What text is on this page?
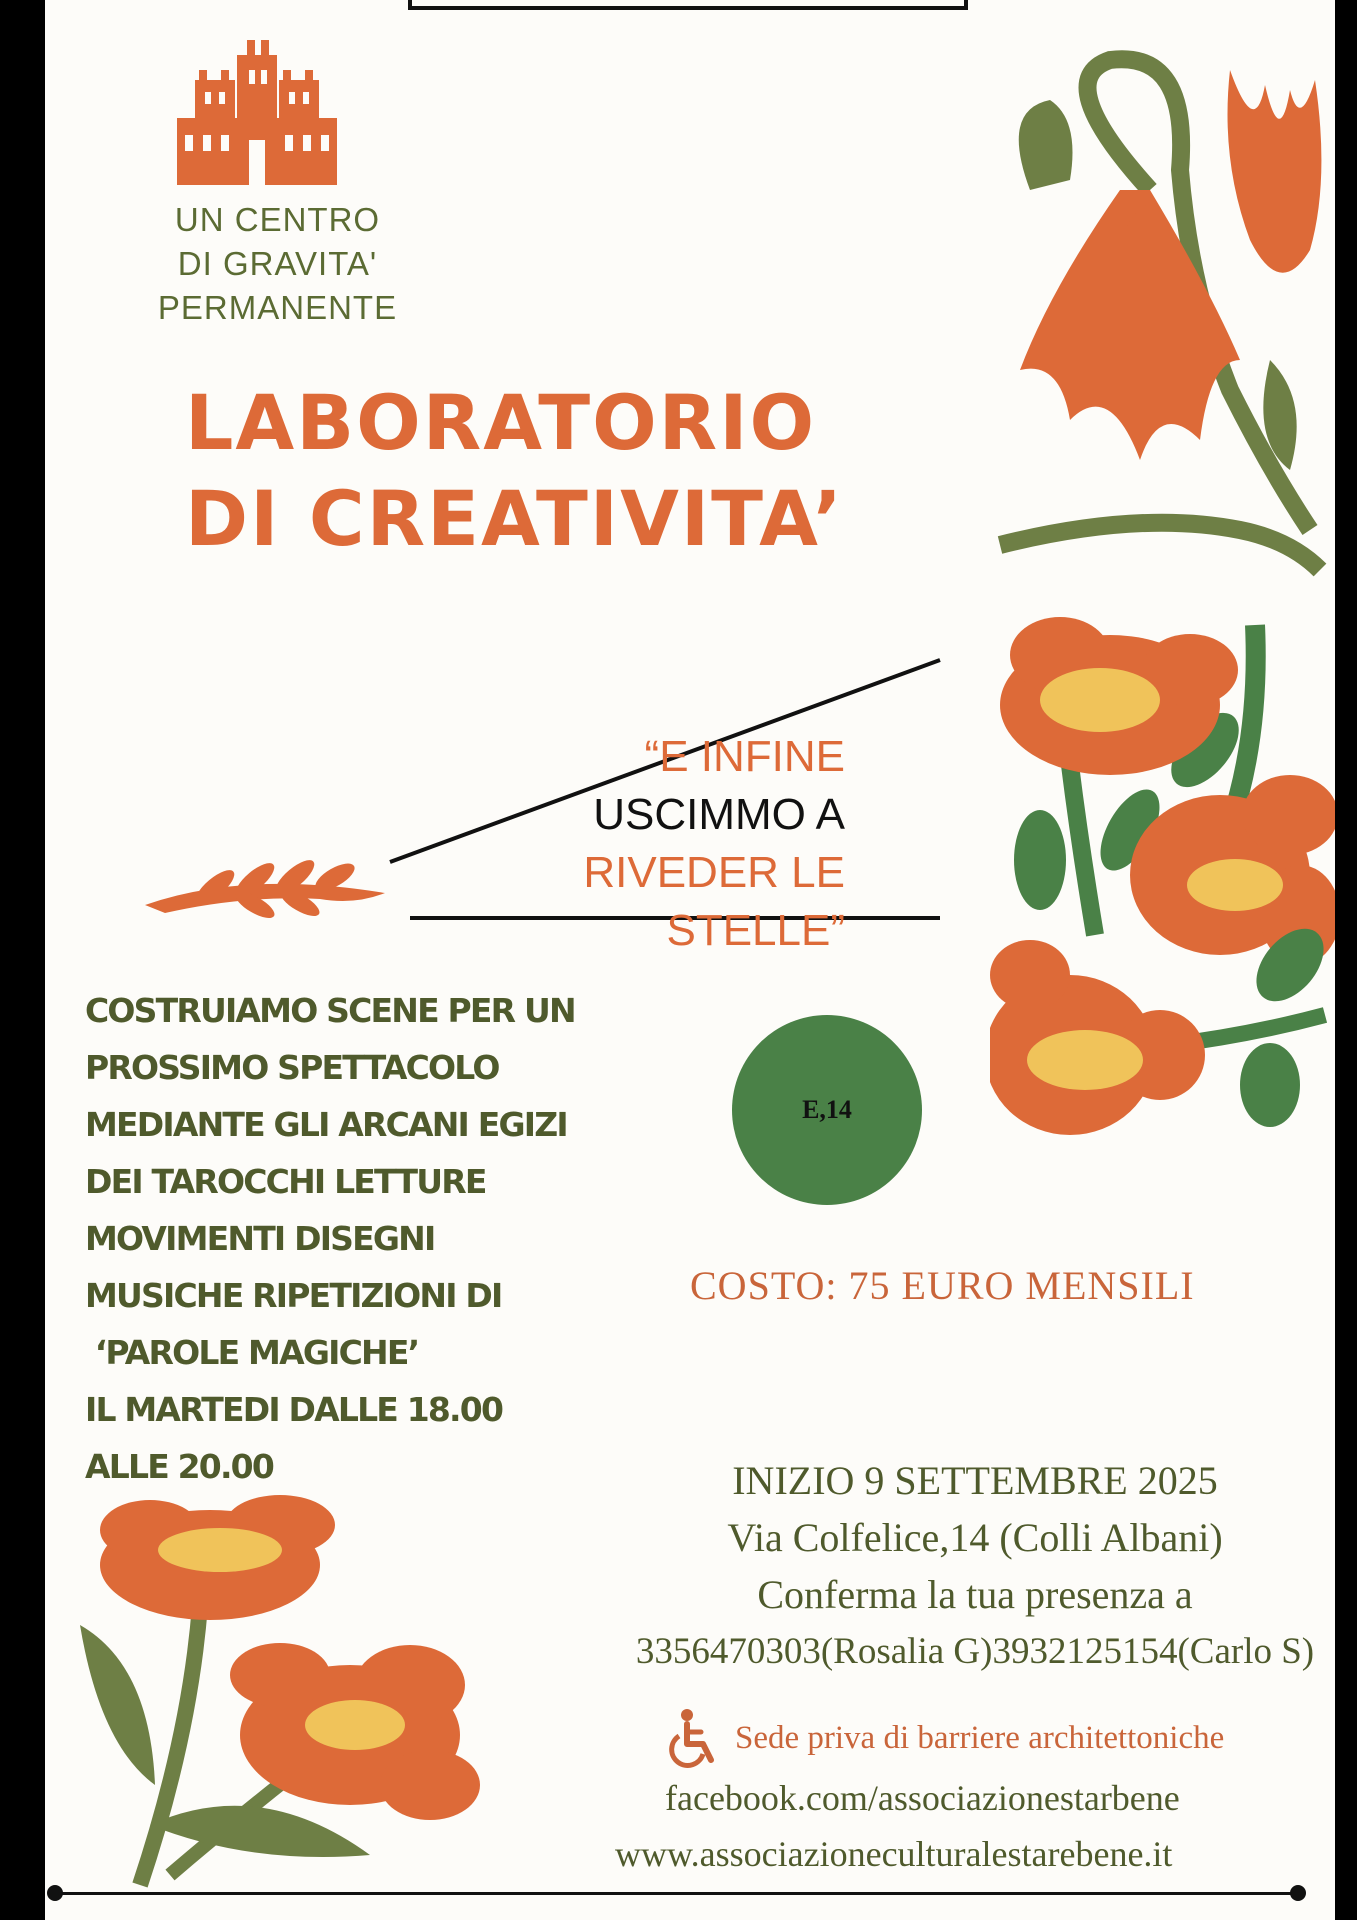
UN CENTRO
DI GRAVITA'
PERMANENTE
LABORATORIO
DI CREATIVITA’
“E INFINE
USCIMMO A
RIVEDER LE STELLE”
COSTRUIAMO SCENE PER UN
PROSSIMO SPETTACOLO
MEDIANTE GLI ARCANI EGIZI
DEI TAROCCHI LETTURE
MOVIMENTI DISEGNI
MUSICHE RIPETIZIONI DI
‘PAROLE MAGICHE’
IL MARTEDI DALLE 18.00
ALLE 20.00
E,14
COSTO: 75 EURO MENSILI
INIZIO 9 SETTEMBRE 2025
Via Colfelice,14 (Colli Albani)
Conferma la tua presenza a
3356470303(Rosalia G)3932125154(Carlo S)
Sede priva di barriere architettoniche
facebook.com/associazionestarbene
www.associazioneculturalestarebene.it
